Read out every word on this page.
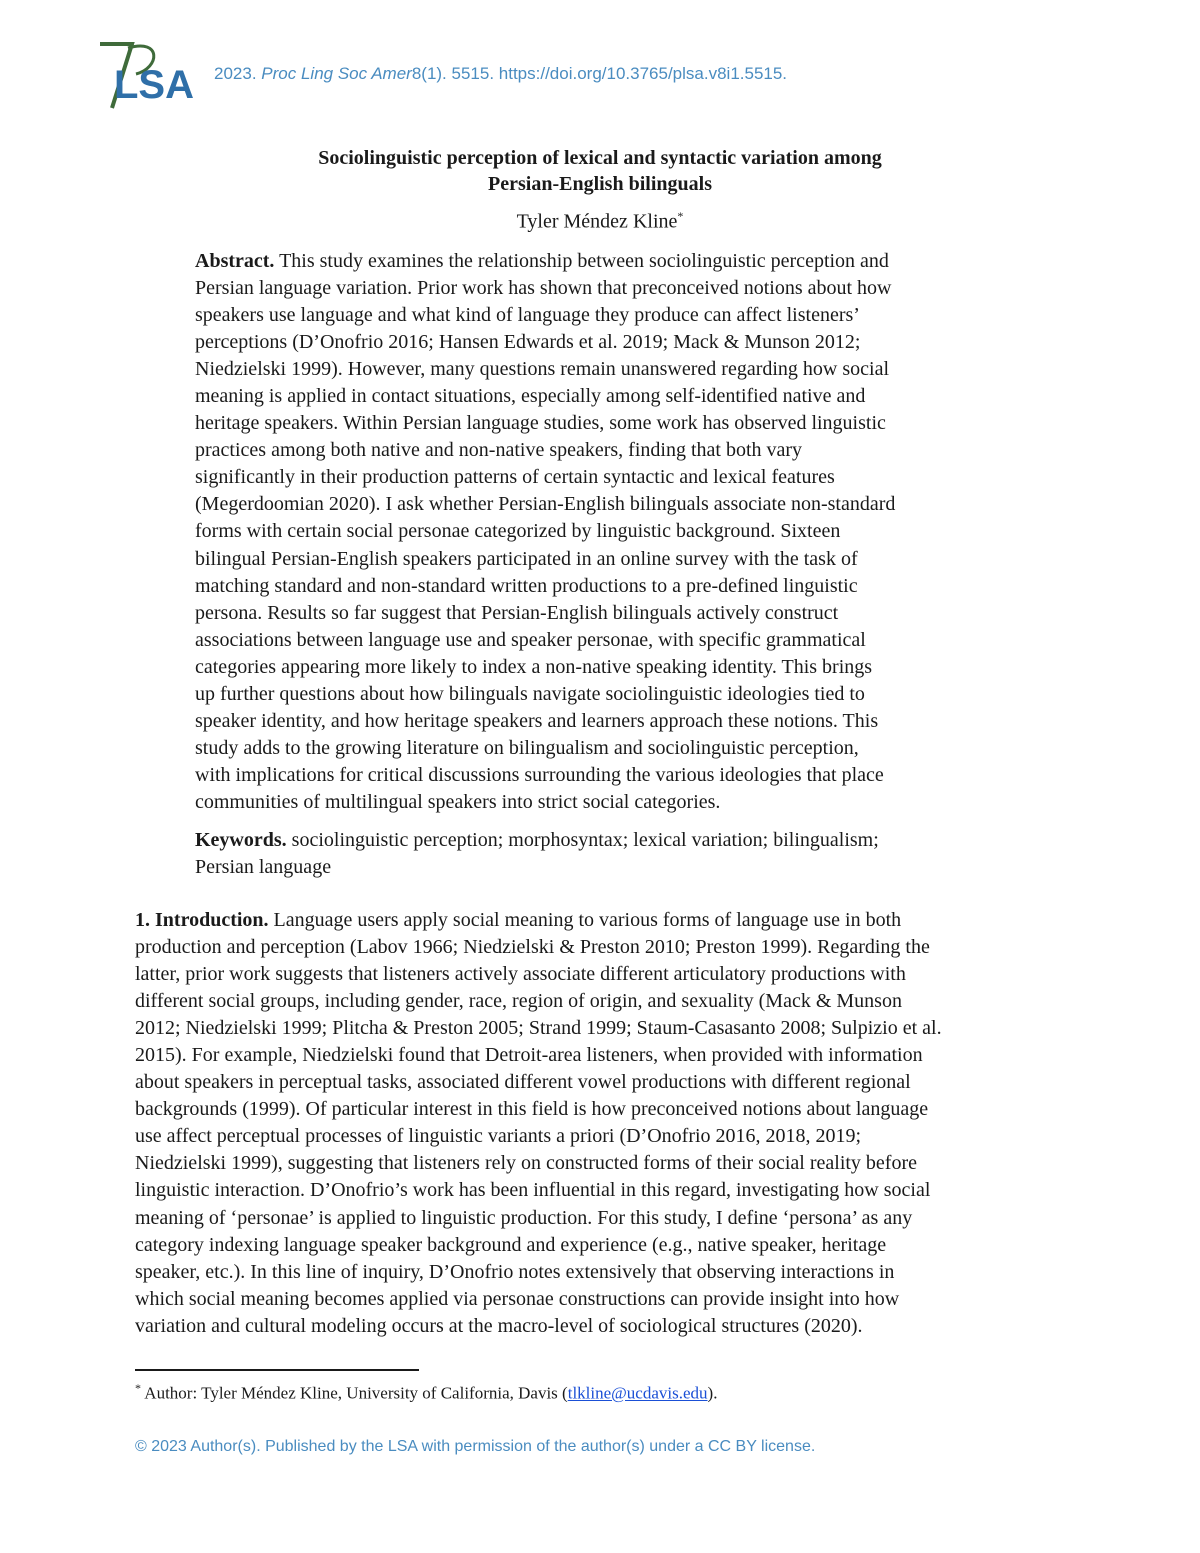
LSA 2023. Proc Ling Soc Amer8(1). 5515. https://doi.org/10.3765/plsa.v8i1.5515.
Sociolinguistic perception of lexical and syntactic variation among
Persian-English bilinguals
Tyler Méndez Kline*
Abstract. This study examines the relationship between sociolinguistic perception and
Persian language variation. Prior work has shown that preconceived notions about how
speakers use language and what kind of language they produce can affect listeners’
perceptions (D’Onofrio 2016; Hansen Edwards et al. 2019; Mack & Munson 2012;
Niedzielski 1999). However, many questions remain unanswered regarding how social
meaning is applied in contact situations, especially among self-identified native and
heritage speakers. Within Persian language studies, some work has observed linguistic
practices among both native and non-native speakers, finding that both vary
significantly in their production patterns of certain syntactic and lexical features
(Megerdoomian 2020). I ask whether Persian-English bilinguals associate non-standard
forms with certain social personae categorized by linguistic background. Sixteen
bilingual Persian-English speakers participated in an online survey with the task of
matching standard and non-standard written productions to a pre-defined linguistic
persona. Results so far suggest that Persian-English bilinguals actively construct
associations between language use and speaker personae, with specific grammatical
categories appearing more likely to index a non-native speaking identity. This brings
up further questions about how bilinguals navigate sociolinguistic ideologies tied to
speaker identity, and how heritage speakers and learners approach these notions. This
study adds to the growing literature on bilingualism and sociolinguistic perception,
with implications for critical discussions surrounding the various ideologies that place
communities of multilingual speakers into strict social categories.
Keywords. sociolinguistic perception; morphosyntax; lexical variation; bilingualism;
Persian language
1. Introduction. Language users apply social meaning to various forms of language use in both
production and perception (Labov 1966; Niedzielski & Preston 2010; Preston 1999). Regarding the
latter, prior work suggests that listeners actively associate different articulatory productions with
different social groups, including gender, race, region of origin, and sexuality (Mack & Munson
2012; Niedzielski 1999; Plitcha & Preston 2005; Strand 1999; Staum-Casasanto 2008; Sulpizio et al.
2015). For example, Niedzielski found that Detroit-area listeners, when provided with information
about speakers in perceptual tasks, associated different vowel productions with different regional
backgrounds (1999). Of particular interest in this field is how preconceived notions about language
use affect perceptual processes of linguistic variants a priori (D’Onofrio 2016, 2018, 2019;
Niedzielski 1999), suggesting that listeners rely on constructed forms of their social reality before
linguistic interaction. D’Onofrio’s work has been influential in this regard, investigating how social
meaning of ‘personae’ is applied to linguistic production. For this study, I define ‘persona’ as any
category indexing language speaker background and experience (e.g., native speaker, heritage
speaker, etc.). In this line of inquiry, D’Onofrio notes extensively that observing interactions in
which social meaning becomes applied via personae constructions can provide insight into how
variation and cultural modeling occurs at the macro-level of sociological structures (2020).
* Author: Tyler Méndez Kline, University of California, Davis (tlkline@ucdavis.edu).
© 2023 Author(s). Published by the LSA with permission of the author(s) under a CC BY license.
